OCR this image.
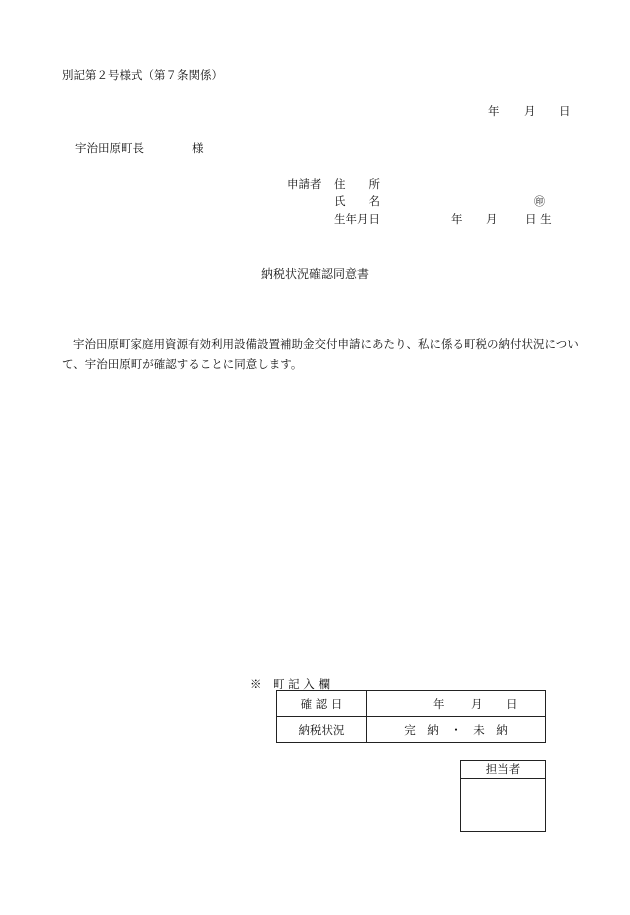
別記第２号様式（第７条関係）
年 月 日
宇治田原町長	様
申請者 住　　所
氏　　名	㊞
生年月日	年 月 日 生
納税状況確認同意書
宇治田原町家庭用資源有効利用設備設置補助金交付申請にあたり、私に係る町税の納付状況について、宇治田原町が確認することに同意します。
※　町 記 入 欄
確 認 日	年 月 日

納税状況	完　納　・　未　納
担当者
